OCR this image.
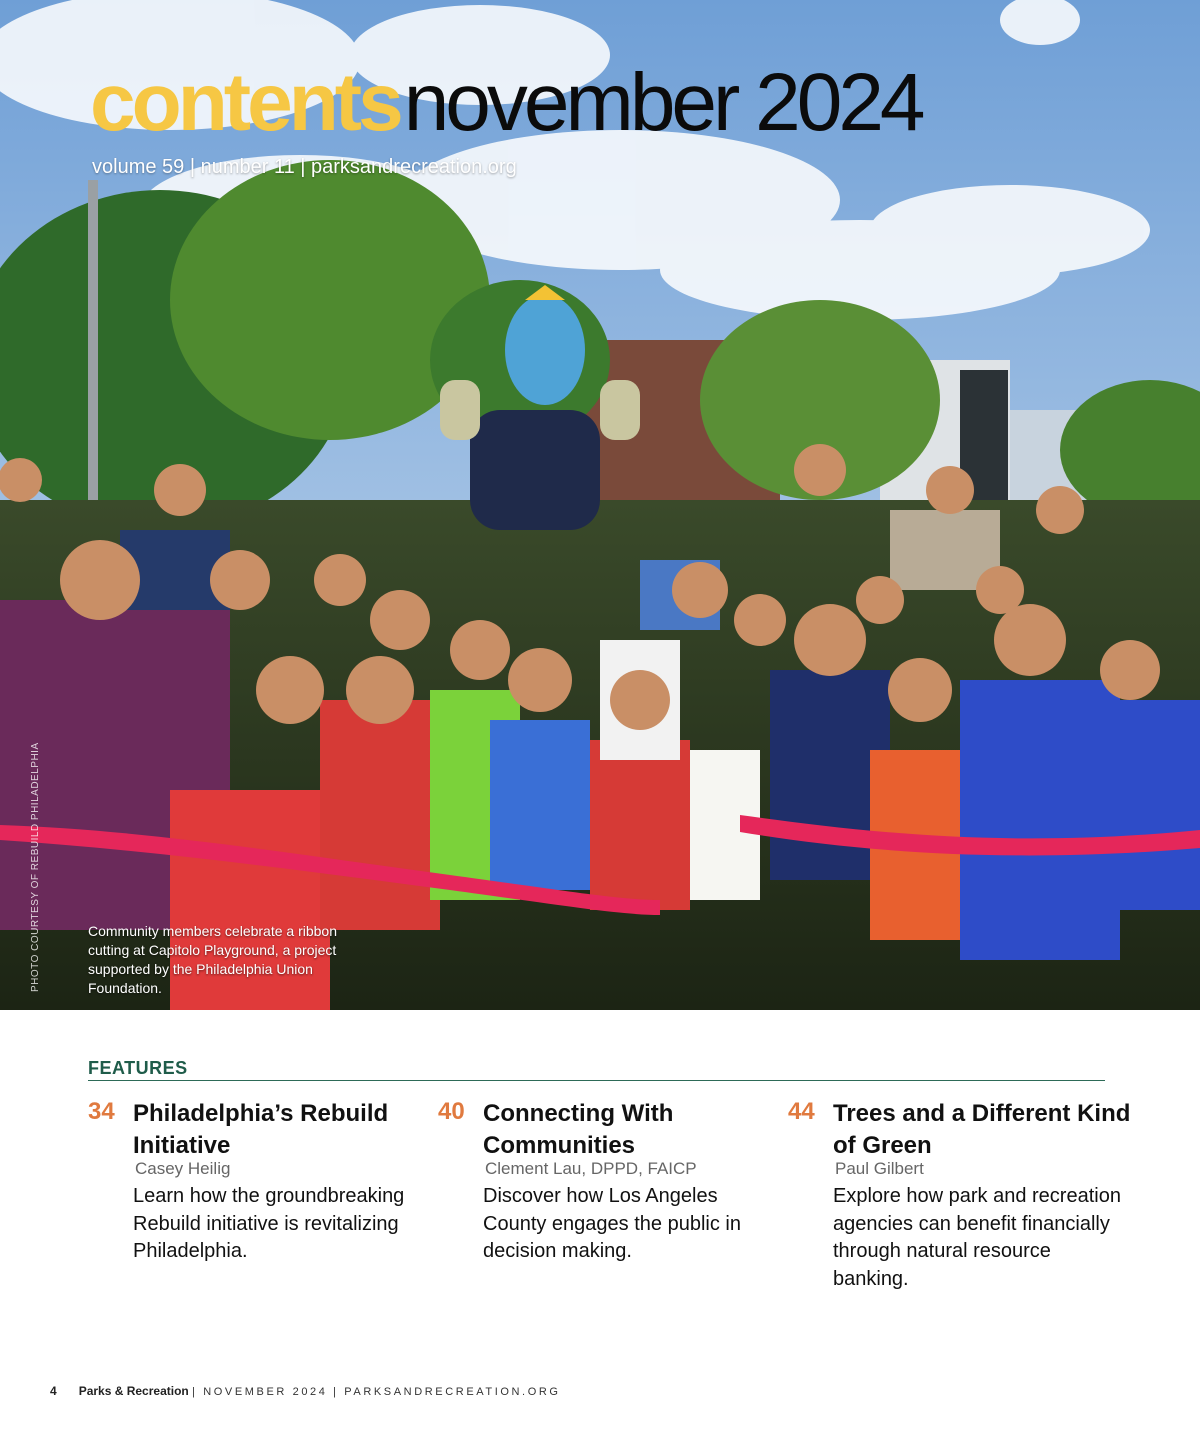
contentsnovember 2024
volume 59 | number 11 | parksandrecreation.org
Community members celebrate a ribbon cutting at Capitolo Playground, a project supported by the Philadelphia Union Foundation.
PHOTO COURTESY OF REBUILD PHILADELPHIA
FEATURES
34 Philadelphia’s Rebuild Initiative
Casey Heilig
Learn how the groundbreaking Rebuild initiative is revitalizing Philadelphia.
40 Connecting With Communities
Clement Lau, DPPD, FAICP
Discover how Los Angeles County engages the public in decision making.
44 Trees and a Different Kind of Green
Paul Gilbert
Explore how park and recreation agencies can benefit financially through natural resource banking.
4 Parks & Recreation | NOVEMBER 2024 | PARKSANDRECREATION.ORG
